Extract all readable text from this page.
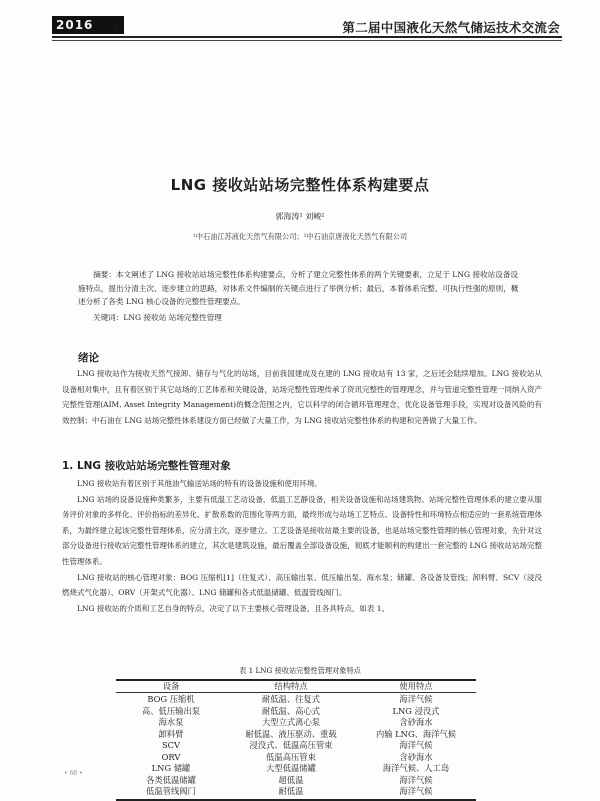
2016	上
海	第二届中国液化天然气储运技术交流会
LNG 接收站站场完整性体系构建要点
郭海涛¹ 刘峻²
¹中石油江苏液化天然气有限公司；²中石油京唐液化天然气有限公司
摘要：本文阐述了 LNG 接收站站场完整性体系构建要点，分析了建立完整性体系的两个关键要素，立足于 LNG 接收站设备设施特点，提出分清主次、逐步建立的思路，对体系文件编制的关键点进行了举例分析；最后，本着体系完整、可执行性强的原则，概述分析了各类 LNG 核心设备的完整性管理要点。
关键词：LNG 接收站 站场完整性管理
绪论

LNG 接收站作为接收天然气接卸、储存与气化的站场，目前我国建成及在建的 LNG 接收站有 13 家，之后还会陆续增加。LNG 接收站从设备相对集中，且有着区别于其它站场的工艺体系和关键设备，站场完整性管理传承了资讯完整性的管理理念，并与管道完整性管理一同纳入资产完整性管理(AIM, Asset Integrity Management)的概念范围之内，它以科学的闭合循环管理理念，优化设备管理手段，实现对设备风险的有效控制；中石油在 LNG 站场完整性体系建设方面已经做了大量工作，为 LNG 接收站完整性体系的构建和完善做了大量工作。

1. LNG 接收站站场完整性管理对象

LNG 接收站有着区别于其他油气输送站场的特有的设备设施和使用环境。

LNG 站场的设备设施种类繁多，主要有低温工艺动设备、低温工艺静设备，相关设备设施和站场建筑物。站场完整性管理体系的建立要从服务评价对象的多样化、评价指标的差异化、扩散系数的范围化等两方面，最终形成与站场工艺特点、设备特性和环境特点相适应的一套系统管理体系，为最终建立起该完整性管理体系，应分清主次，逐步建立。工艺设备是接收站最主要的设备，也是站场完整性管理的核心管理对象，先针对这部分设备进行接收站完整性管理体系的建立，其次是建筑设施，最后覆盖全部设备设施，彻底才能顺利的构建出一套完整的 LNG 接收站站场完整性管理体系。

LNG 接收站的核心管理对象：BOG 压缩机[1]（往复式）、高压输出泵、低压输出泵、海水泵；储罐、各设备及管线；卸料臂、SCV（浸没燃烧式气化器）、ORV（开架式气化器）、LNG 储罐和各式低温储罐、低温管线阀门。

LNG 接收站的介质和工艺自身的特点，决定了以下主要核心管理设备，且各具特点，如表 1。

表 1 LNG 接收站完整性管理对象特点
设备	结构特点	使用特点
BOG 压缩机	耐低温、往复式	海洋气候
高、低压输出泵	耐低温、高心式	LNG 浸没式
海水泵	大型立式离心泵	含砂海水
卸料臂	耐低温、液压驱动、重载	内输 LNG、海洋气候
SCV	浸没式、低温高压管束	海洋气候
ORV	低温高压管束	含砂海水
LNG 储罐	大型低温储罐	海洋气候、人工岛
各类低温储罐	超低温	海洋气候
低温管线阀门	耐低温	海洋气候
• 68 •
